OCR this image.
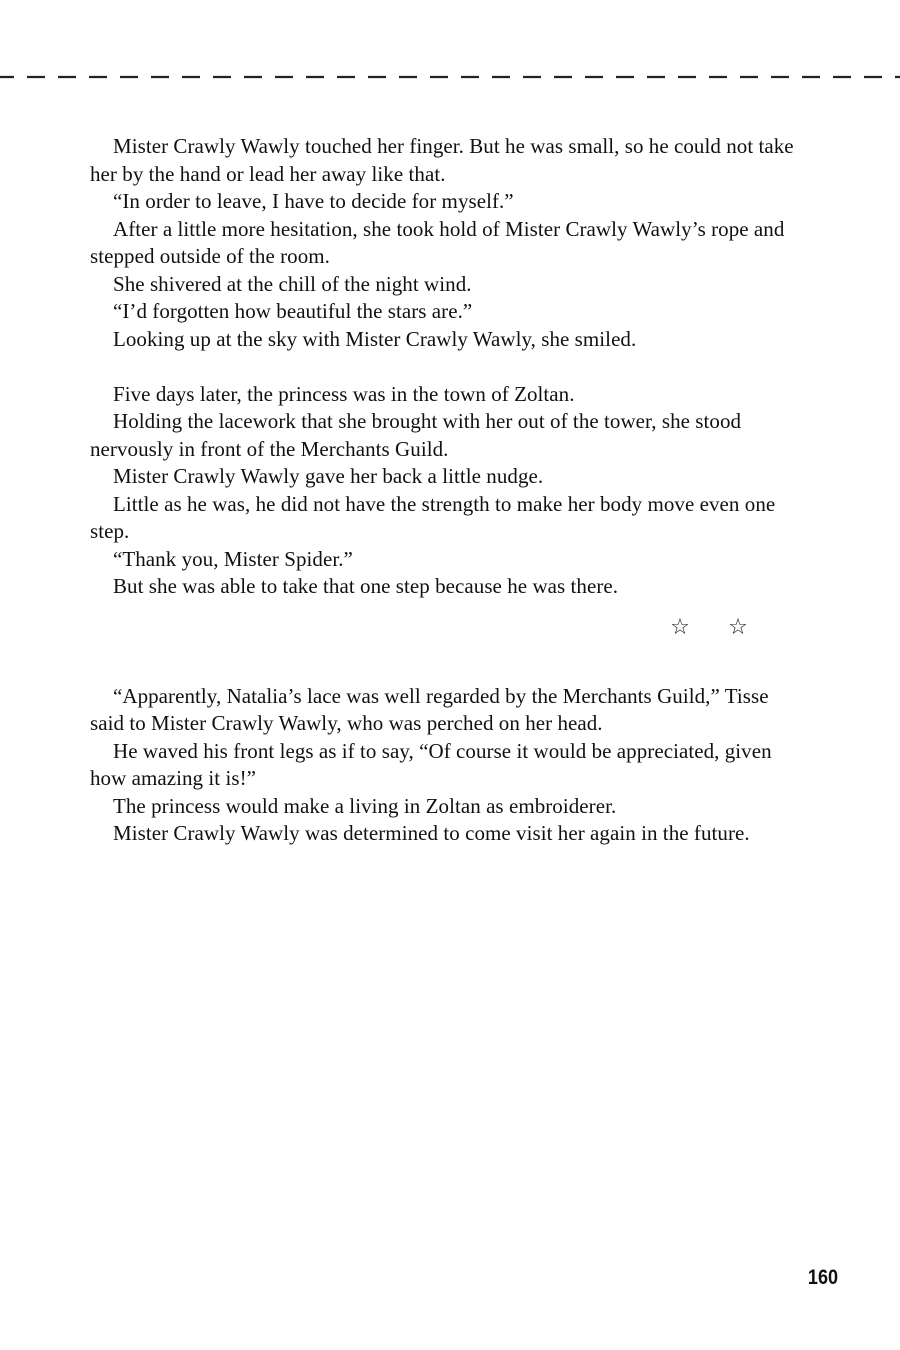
Mister Crawly Wawly touched her finger. But he was small, so he could not take her by the hand or lead her away like that.

“In order to leave, I have to decide for myself.”

After a little more hesitation, she took hold of Mister Crawly Wawly’s rope and stepped outside of the room.

She shivered at the chill of the night wind.

“I’d forgotten how beautiful the stars are.”

Looking up at the sky with Mister Crawly Wawly, she smiled.

Five days later, the princess was in the town of Zoltan.

Holding the lacework that she brought with her out of the tower, she stood nervously in front of the Merchants Guild.

Mister Crawly Wawly gave her back a little nudge.

Little as he was, he did not have the strength to make her body move even one step.

“Thank you, Mister Spider.”

But she was able to take that one step because he was there.

☆ ☆

“Apparently, Natalia’s lace was well regarded by the Merchants Guild,” Tisse said to Mister Crawly Wawly, who was perched on her head.

He waved his front legs as if to say, “Of course it would be appreciated, given how amazing it is!”

The princess would make a living in Zoltan as embroiderer.

Mister Crawly Wawly was determined to come visit her again in the future.

160
